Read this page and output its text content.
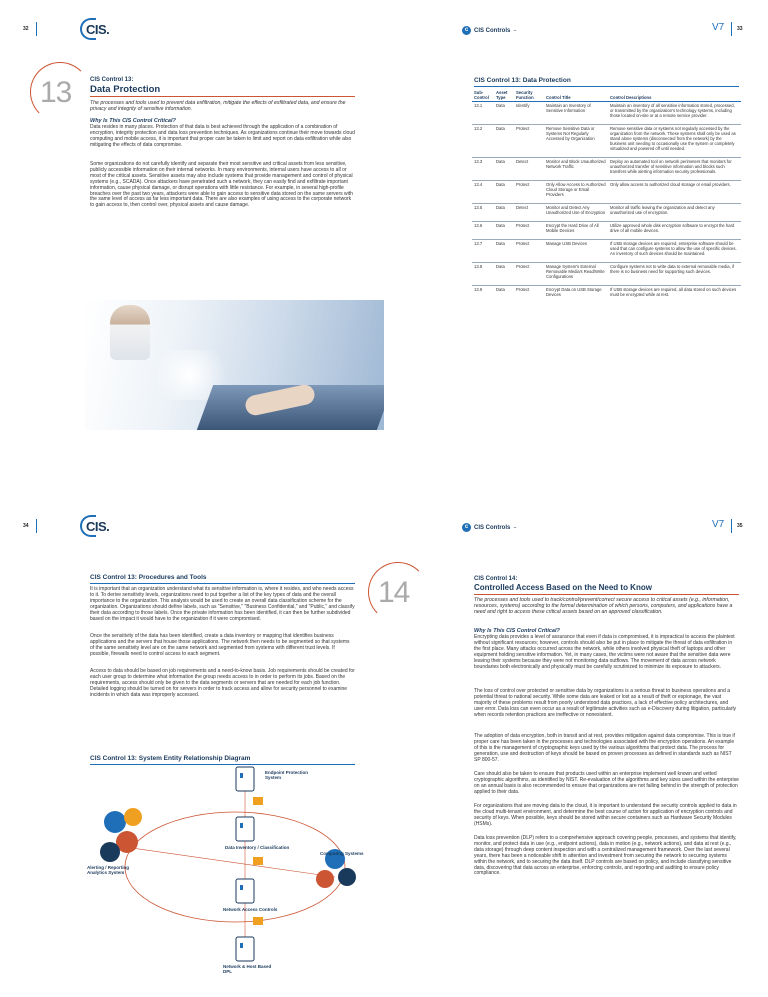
32	CIS.
13	CIS Control 13:
Data Protection
The processes and tools used to prevent data exfiltration, mitigate the effects of exfiltrated data, and ensure the privacy and integrity of sensitive information.
Why Is This CIS Control Critical?
Data resides in many places. Protection of that data is best achieved through the application of a combination of encryption, integrity protection and data loss prevention techniques. As organizations continue their move towards cloud computing and mobile access, it is important that proper care be taken to limit and report on data exfiltration while also mitigating the effects of data compromise.
Some organizations do not carefully identify and separate their most sensitive and critical assets from less sensitive, publicly accessible information on their internal networks. In many environments, internal users have access to all or most of the critical assets. Sensitive assets may also include systems that provide management and control of physical systems (e.g., SCADA). Once attackers have penetrated such a network, they can easily find and exfiltrate important information, cause physical damage, or disrupt operations with little resistance. For example, in several high-profile breaches over the past two years, attackers were able to gain access to sensitive data stored on the same servers with the same level of access as far less important data. There are also examples of using access to the corporate network to gain access to, then control over, physical assets and cause damage.
c CIS Controls ™	V7	33
CIS Control 13: Data Protection
Sub-Control	Asset Type	Security Function	Control Title	Control Descriptions
13.1	Data	Identify	Maintain an Inventory of Sensitive Information	Maintain an inventory of all sensitive information stored, processed, or transmitted by the organization's technology systems, including those located on-site or at a remote service provider.
13.2	Data	Protect	Remove Sensitive Data or Systems Not Regularly Accessed by Organization	Remove sensitive data or systems not regularly accessed by the organization from the network. These systems shall only be used as stand alone systems (disconnected from the network) by the business unit needing to occasionally use the system or completely virtualized and powered off until needed.
13.3	Data	Detect	Monitor and Block Unauthorized Network Traffic	Deploy an automated tool on network perimeters that monitors for unauthorized transfer of sensitive information and blocks such transfers while alerting information security professionals.
13.4	Data	Protect	Only Allow Access to Authorized Cloud Storage or Email Providers	Only allow access to authorized cloud storage or email providers.
13.5	Data	Detect	Monitor and Detect Any Unauthorized Use of Encryption	Monitor all traffic leaving the organization and detect any unauthorized use of encryption.
13.6	Data	Protect	Encrypt the Hard Drive of All Mobile Devices	Utilize approved whole disk encryption software to encrypt the hard drive of all mobile devices.
13.7	Data	Protect	Manage USB Devices	If USB storage devices are required, enterprise software should be used that can configure systems to allow the use of specific devices. An inventory of such devices should be maintained.
13.8	Data	Protect	Manage System's External Removable Media's Read/Write Configurations	Configure systems not to write data to external removable media, if there is no business need for supporting such devices.
13.9	Data	Protect	Encrypt Data on USB Storage Devices	If USB storage devices are required, all data stored on such devices must be encrypted while at rest.
34	CIS.
CIS Control 13: Procedures and Tools
It is important that an organization understand what its sensitive information is, where it resides, and who needs access to it. To derive sensitivity levels, organizations need to put together a list of the key types of data and the overall importance to the organization. This analysis would be used to create an overall data classification scheme for the organization. Organizations should define labels, such as "Sensitive," "Business Confidential," and "Public," and classify their data according to those labels. Once the private information has been identified, it can then be further subdivided based on the impact it would have to the organization if it were compromised.
Once the sensitivity of the data has been identified, create a data inventory or mapping that identifies business applications and the servers that house those applications. The network then needs to be segmented so that systems of the same sensitivity level are on the same network and segmented from systems with different trust levels. If possible, firewalls need to control access to each segment.
Access to data should be based on job requirements and a need-to-know basis. Job requirements should be created for each user group to determine what information the group needs access to in order to perform its jobs. Based on the requirements, access should only be given to the data segments or servers that are needed for each job function. Detailed logging should be turned on for servers in order to track access and allow for security personnel to examine incidents in which data was improperly accessed.
CIS Control 13: System Entity Relationship Diagram
Endpoint Protection System
Data Inventory / Classification
Alerting / Reporting Analytics System
Computing Systems
Network Access Controls
Network & Host Based DPL
c CIS Controls ™	V7	35
14	CIS Control 14:
Controlled Access Based on the Need to Know
The processes and tools used to track/control/prevent/correct secure access to critical assets (e.g., information, resources, systems) according to the formal determination of which persons, computers, and applications have a need and right to access these critical assets based on an approved classification.
Why Is This CIS Control Critical?
Encrypting data provides a level of assurance that even if data is compromised, it is impractical to access the plaintext without significant resources; however, controls should also be put in place to mitigate the threat of data exfiltration in the first place. Many attacks occurred across the network, while others involved physical theft of laptops and other equipment holding sensitive information. Yet, in many cases, the victims were not aware that the sensitive data were leaving their systems because they were not monitoring data outflows. The movement of data across network boundaries both electronically and physically must be carefully scrutinized to minimize its exposure to attackers.
The loss of control over protected or sensitive data by organizations is a serious threat to business operations and a potential threat to national security. While some data are leaked or lost as a result of theft or espionage, the vast majority of these problems result from poorly understood data practices, a lack of effective policy architectures, and user error. Data loss can even occur as a result of legitimate activities such as e-Discovery during litigation, particularly when records retention practices are ineffective or nonexistent.
The adoption of data encryption, both in transit and at rest, provides mitigation against data compromise. This is true if proper care has been taken in the processes and technologies associated with the encryption operations. An example of this is the management of cryptographic keys used by the various algorithms that protect data. The process for generation, use and destruction of keys should be based on proven processes as defined in standards such as NIST SP 800-57.
Care should also be taken to ensure that products used within an enterprise implement well known and vetted cryptographic algorithms, as identified by NIST. Re-evaluation of the algorithms and key sizes used within the enterprise on an annual basis is also recommended to ensure that organizations are not falling behind in the strength of protection applied to their data.
For organizations that are moving data to the cloud, it is important to understand the security controls applied to data in the cloud multi-tenant environment, and determine the best course of action for application of encryption controls and security of keys. When possible, keys should be stored within secure containers such as Hardware Security Modules (HSMs).
Data loss prevention (DLP) refers to a comprehensive approach covering people, processes, and systems that identify, monitor, and protect data in use (e.g., endpoint actions), data in motion (e.g., network actions), and data at rest (e.g., data storage) through deep content inspection and with a centralized management framework. Over the last several years, there has been a noticeable shift in attention and investment from securing the network to securing systems within the network, and to securing the data itself. DLP controls are based on policy, and include classifying sensitive data, discovering that data across an enterprise, enforcing controls, and reporting and auditing to ensure policy compliance.
